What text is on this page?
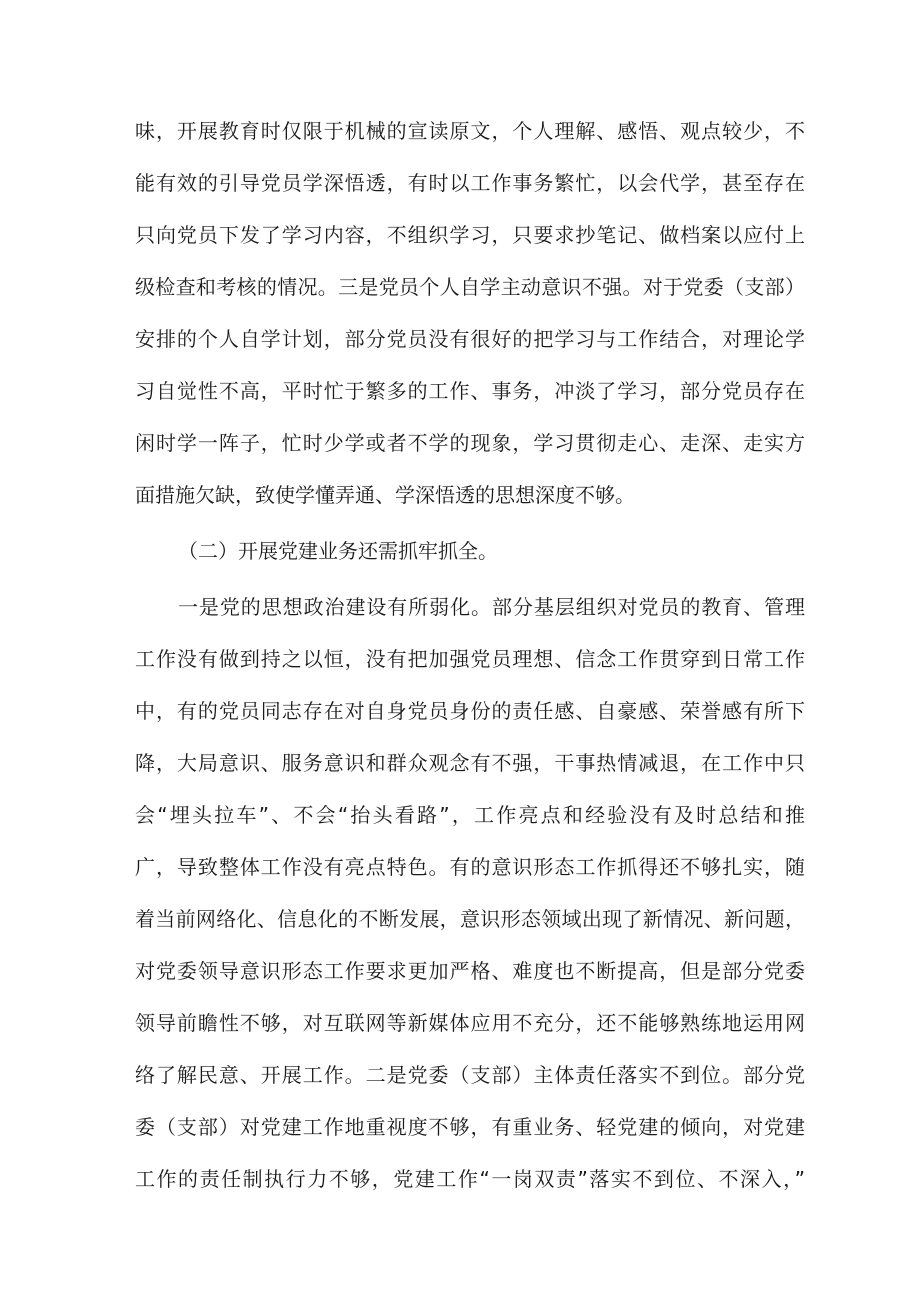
味，开展教育时仅限于机械的宣读原文，个人理解、感悟、观点较少，不
能有效的引导党员学深悟透，有时以工作事务繁忙，以会代学，甚至存在
只向党员下发了学习内容，不组织学习，只要求抄笔记、做档案以应付上
级检查和考核的情况。三是党员个人自学主动意识不强。对于党委（支部）
安排的个人自学计划，部分党员没有很好的把学习与工作结合，对理论学
习自觉性不高，平时忙于繁多的工作、事务，冲淡了学习，部分党员存在
闲时学一阵子，忙时少学或者不学的现象，学习贯彻走心、走深、走实方
面措施欠缺，致使学懂弄通、学深悟透的思想深度不够。
（二）开展党建业务还需抓牢抓全。
一是党的思想政治建设有所弱化。部分基层组织对党员的教育、管理
工作没有做到持之以恒，没有把加强党员理想、信念工作贯穿到日常工作
中，有的党员同志存在对自身党员身份的责任感、自豪感、荣誉感有所下
降，大局意识、服务意识和群众观念有不强，干事热情减退，在工作中只
会“埋头拉车”、不会“抬头看路”，工作亮点和经验没有及时总结和推
广，导致整体工作没有亮点特色。有的意识形态工作抓得还不够扎实，随
着当前网络化、信息化的不断发展，意识形态领域出现了新情况、新问题，
对党委领导意识形态工作要求更加严格、难度也不断提高，但是部分党委
领导前瞻性不够，对互联网等新媒体应用不充分，还不能够熟练地运用网
络了解民意、开展工作。二是党委（支部）主体责任落实不到位。部分党
委（支部）对党建工作地重视度不够，有重业务、轻党建的倾向，对党建
工作的责任制执行力不够，党建工作“一岗双责”落实不到位、不深入，”
